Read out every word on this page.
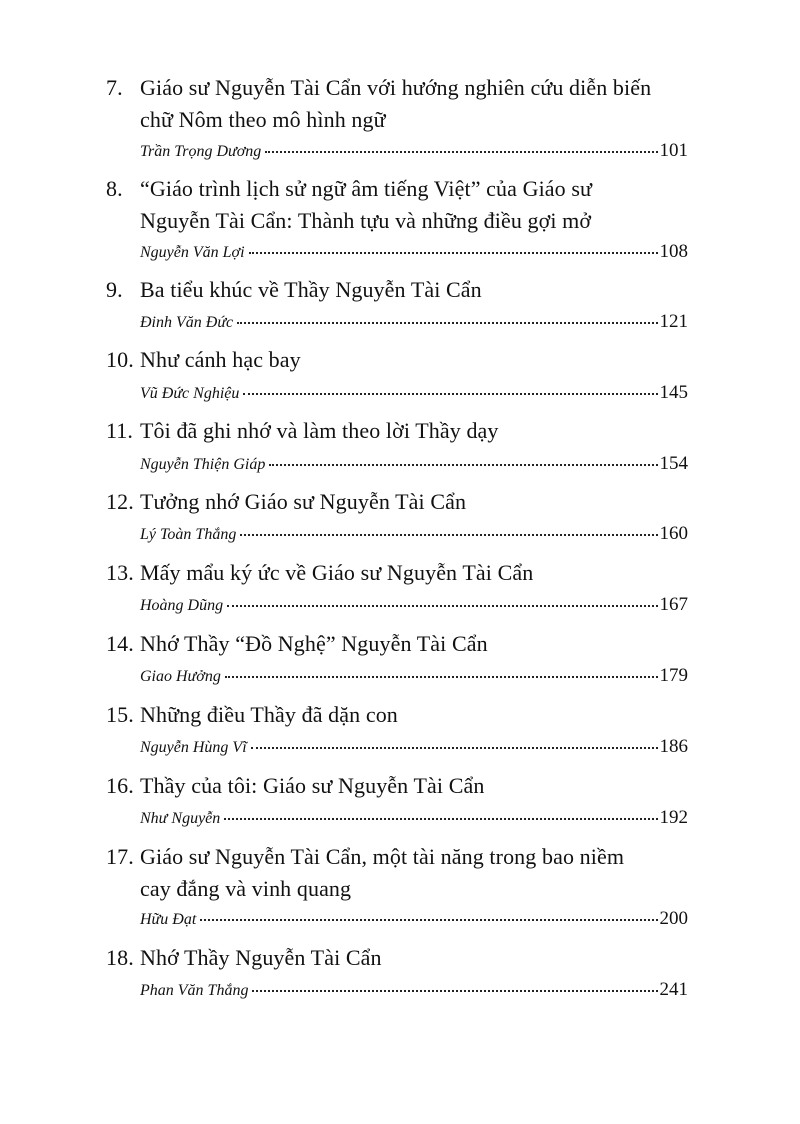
7. Giáo sư Nguyễn Tài Cẩn với hướng nghiên cứu diễn biến
chữ Nôm theo mô hình ngữ
Trần Trọng Dương	101
8. “Giáo trình lịch sử ngữ âm tiếng Việt” của Giáo sư
Nguyễn Tài Cẩn: Thành tựu và những điều gợi mở
Nguyễn Văn Lợi	108
9. Ba tiểu khúc về Thầy Nguyễn Tài Cẩn
Đinh Văn Đức	121
10. Như cánh hạc bay
Vũ Đức Nghiệu	145
11. Tôi đã ghi nhớ và làm theo lời Thầy dạy
Nguyễn Thiện Giáp	154
12. Tưởng nhớ Giáo sư Nguyễn Tài Cẩn
Lý Toàn Thắng	160
13. Mấy mẩu ký ức về Giáo sư Nguyễn Tài Cẩn
Hoàng Dũng	167
14. Nhớ Thầy “Đồ Nghệ” Nguyễn Tài Cẩn
Giao Hưởng	179
15. Những điều Thầy đã dặn con
Nguyễn Hùng Vĩ	186
16. Thầy của tôi: Giáo sư Nguyễn Tài Cẩn
Như Nguyễn	192
17. Giáo sư Nguyễn Tài Cẩn, một tài năng trong bao niềm
cay đắng và vinh quang
Hữu Đạt	200
18. Nhớ Thầy Nguyễn Tài Cẩn
Phan Văn Thắng	241
